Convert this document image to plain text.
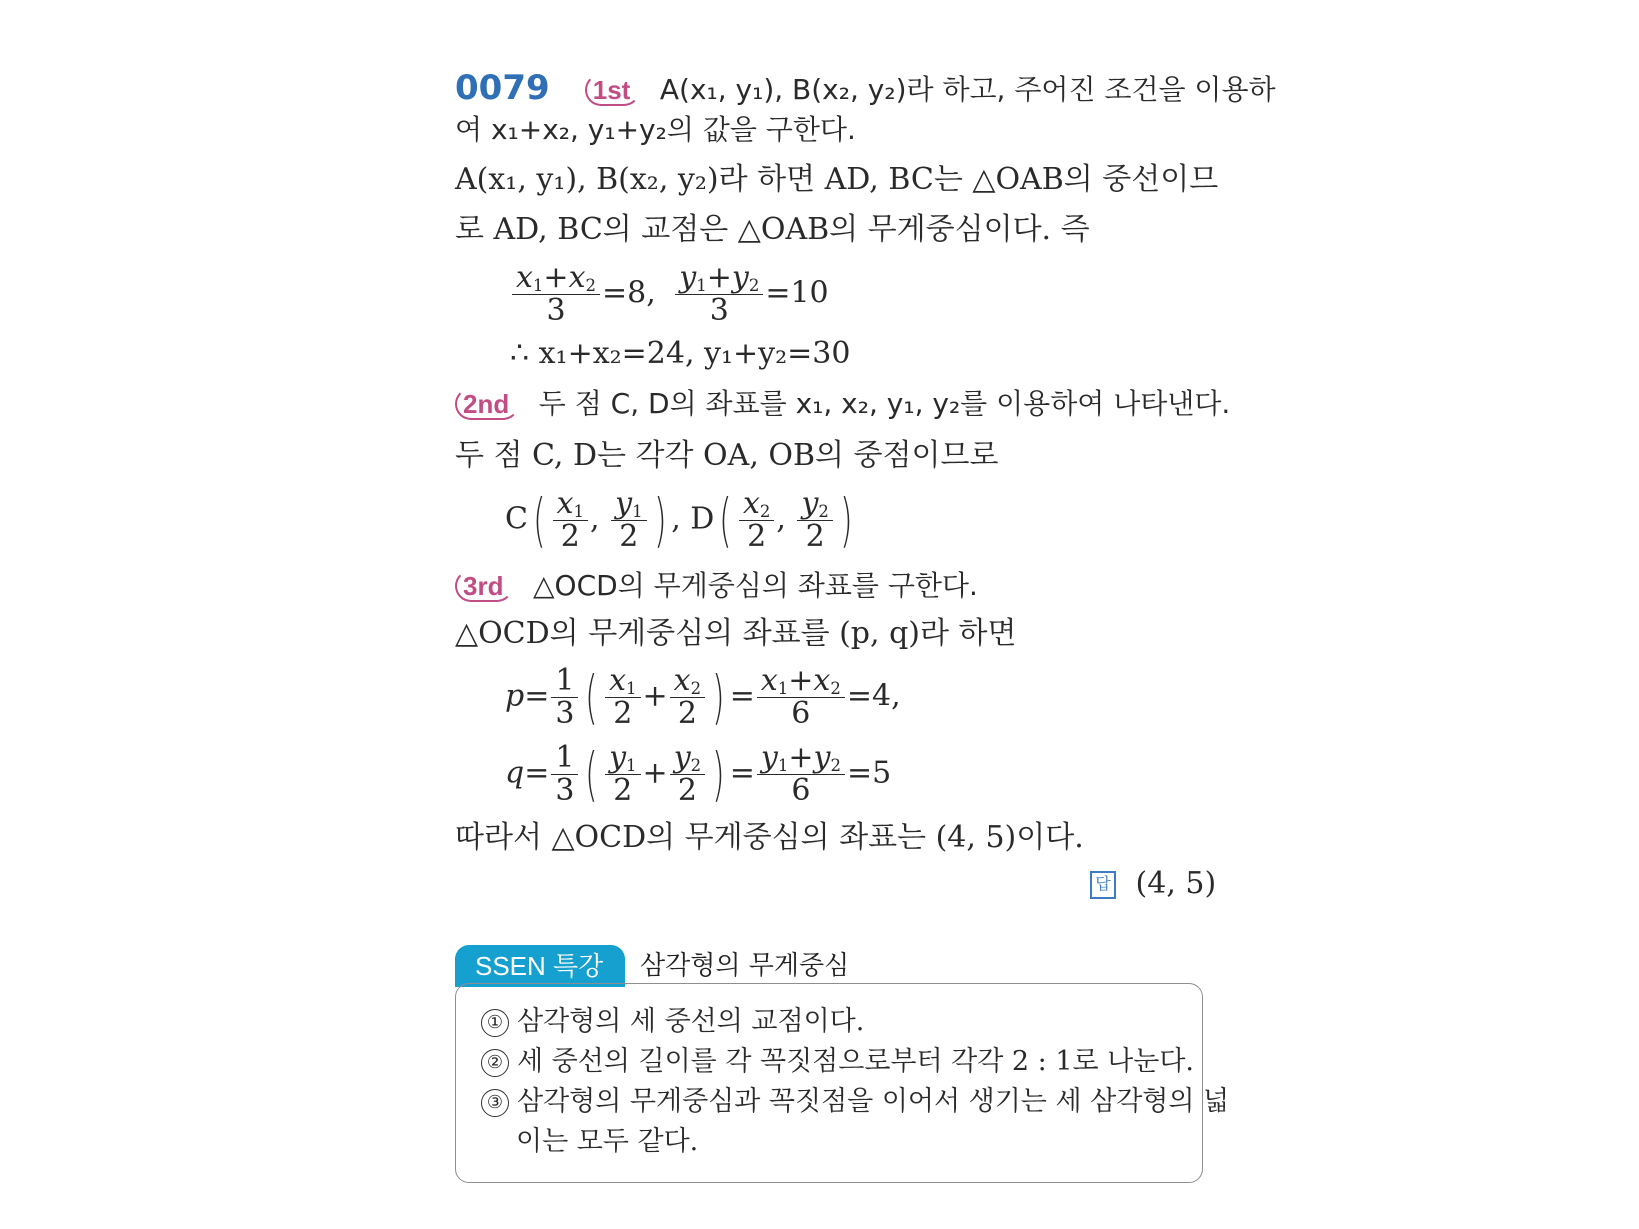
0079 1st A(x₁, y₁), B(x₂, y₂)라 하고, 주어진 조건을 이용하
여 x₁+x₂, y₁+y₂의 값을 구한다.
A(x₁, y₁), B(x₂, y₂)라 하면 AD, BC는 △OAB의 중선이므
로 AD, BC의 교점은 △OAB의 무게중심이다. 즉
$\frac{x_1+x_2}{3} =8$, $\frac{y_1+y_2}{3} =10$
∴ x₁+x₂=24, y₁+y₂=30
2nd 두 점 C, D의 좌표를 x₁, x₂, y₁, y₂를 이용하여 나타낸다.
두 점 C, D는 각각 OA, OB의 중점이므로
$C( \frac{x_1}{2}$ , $\frac{y_1}{2}$ ) , $D( \frac{x_2}{2}$ , $\frac{y_2}{2}$ )
3rd △OCD의 무게중심의 좌표를 구한다.
△OCD의 무게중심의 좌표를 (p, q)라 하면
$p= \frac{1}{3}$ ( $\frac{x_1}{2} + \frac{x_2}{2}$ ) = $\frac{x_1+x_2}{6} =4$,
$q= \frac{1}{3}$ ( $\frac{y_1}{2} + \frac{y_2}{2}$ ) = $\frac{y_1+y_2}{6} =5$
따라서 △OCD의 무게중심의 좌표는 (4, 5)이다.
답 (4, 5)
SSEN 특강	삼각형의 무게중심
① 삼각형의 세 중선의 교점이다.
② 세 중선의 길이를 각 꼭짓점으로부터 각각 2 : 1로 나눈다.
③ 삼각형의 무게중심과 꼭짓점을 이어서 생기는 세 삼각형의 넓
이는 모두 같다.
